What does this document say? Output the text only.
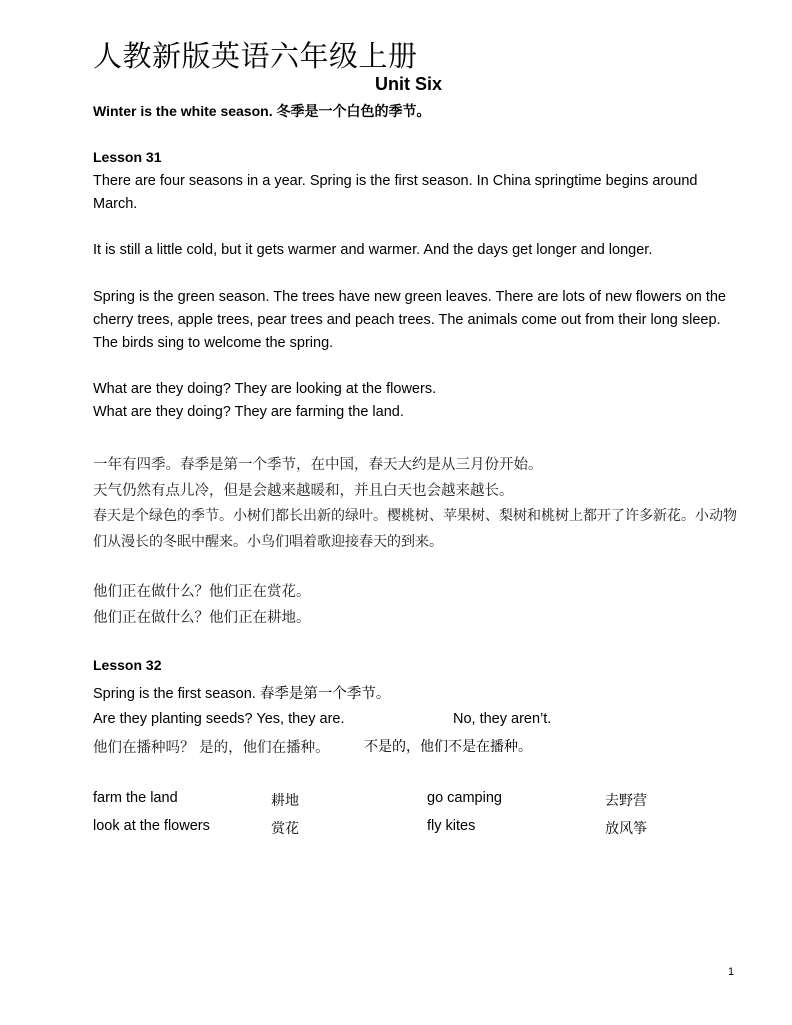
人教新版英语六年级上册
Unit Six
Winter is the white season. 冬季是一个白色的季节。
Lesson 31
There are four seasons in a year. Spring is the first season. In China springtime begins around March.
It is still a little cold, but it gets warmer and warmer. And the days get longer and longer.
Spring is the green season. The trees have new green leaves. There are lots of new flowers on the cherry trees, apple trees, pear trees and peach trees. The animals come out from their long sleep. The birds sing to welcome the spring.
What are they doing? They are looking at the flowers.
What are they doing? They are farming the land.
一年有四季。春季是第一个季节，在中国，春天大约是从三月份开始。
天气仍然有点儿冷，但是会越来越暖和，并且白天也会越来越长。
春天是个绿色的季节。小树们都长出新的绿叶。樱桃树、苹果树、梨树和桃树上都开了许多新花。小动物们从漫长的冬眠中醒来。小鸟们唱着歌迎接春天的到来。
他们正在做什么？他们正在赏花。
他们正在做什么？他们正在耕地。
Lesson 32
Spring is the first season. 春季是第一个季节。
Are they planting seeds? Yes, they are.	No, they aren’t.
他们在播种吗？ 是的，他们在播种。 不是的，他们不是在播种。
farm the land	耕地	go camping	去野营
look at the flowers	赏花	fly kites	放风筝
1
